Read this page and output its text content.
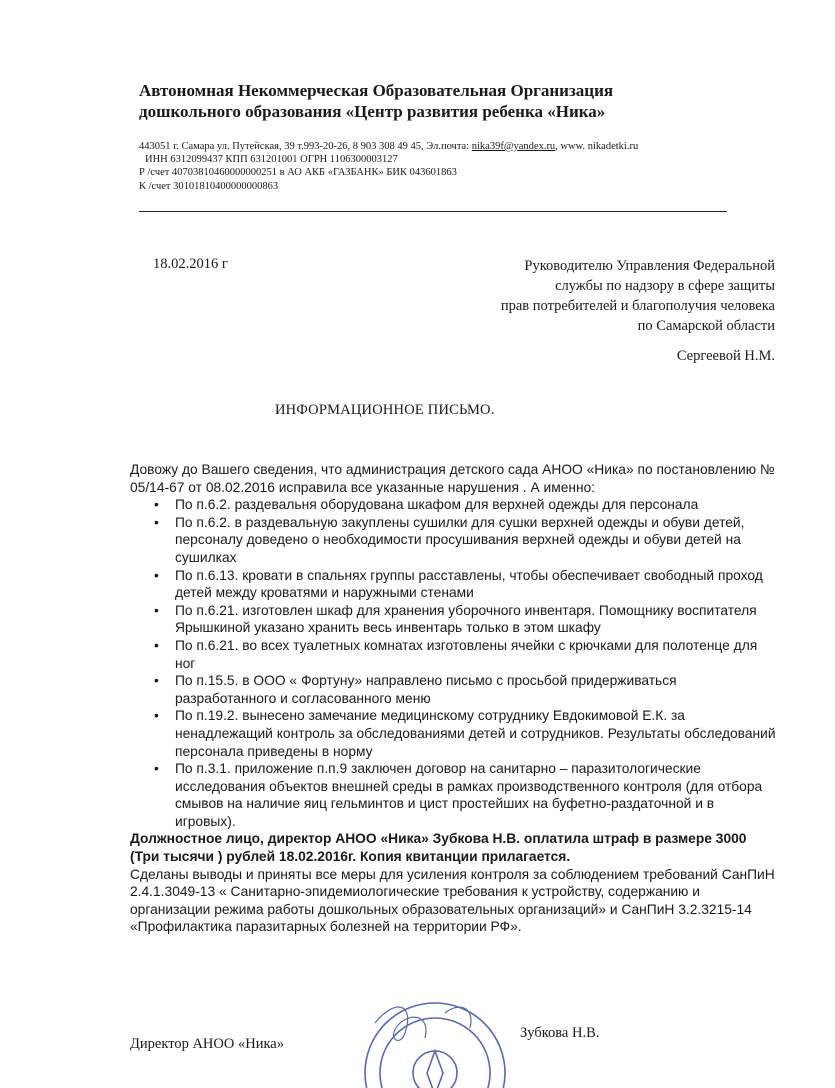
Автономная Некоммерческая Образовательная Организация
дошкольного образования «Центр развития ребенка «Ника»
443051 г. Самара ул. Путейская, 39 т.993-20-26, 8 903 308 49 45, Эл.почта: nika39f@yandex.ru, www. nikadetki.ru
ИНН 6312099437 КПП 631201001 ОГРН 1106300003127
Р /счет 40703810460000000251 в АО АКБ «ГАЗБАНК» БИК 043601863
К /счет 30101810400000000863
18.02.2016 г	Руководителю Управления Федеральной
службы по надзору в сфере защиты
прав потребителей и благополучия человека
по Самарской области
Сергеевой Н.М.
ИНФОРМАЦИОННОЕ ПИСЬМО.

Довожу до Вашего сведения, что администрация детского сада АНОО «Ника» по постановлению № 05/14-67 от 08.02.2016 исправила все указанные нарушения . А именно:

• По п.6.2. раздевальня оборудована шкафом для верхней одежды для персонала
• По п.6.2. в раздевальную закуплены сушилки для сушки верхней одежды и обуви детей, персоналу доведено о необходимости просушивания верхней одежды и обуви детей на сушилках
• По п.6.13. кровати в спальнях группы расставлены, чтобы обеспечивает свободный проход детей между кроватями и наружными стенами
• По п.6.21. изготовлен шкаф для хранения уборочного инвентаря. Помощнику воспитателя Ярышкиной указано хранить весь инвентарь только в этом шкафу
• По п.6.21. во всех туалетных комнатах изготовлены ячейки с крючками для полотенце для ног
• По п.15.5. в ООО « Фортуну» направлено письмо с просьбой придерживаться разработанного и согласованного меню
• По п.19.2. вынесено замечание медицинскому сотруднику Евдокимовой Е.К. за ненадлежащий контроль за обследованиями детей и сотрудников. Результаты обследований персонала приведены в норму
• По п.3.1. приложение п.п.9 заключен договор на санитарно – паразитологические исследования объектов внешней среды в рамках производственного контроля (для отбора смывов на наличие яиц гельминтов и цист простейших на буфетно-раздаточной и в игровых).

Должностное лицо, директор АНОО «Ника» Зубкова Н.В. оплатила штраф в размере 3000 (Три тысячи ) рублей 18.02.2016г. Копия квитанции прилагается.

Сделаны выводы и приняты все меры для усиления контроля за соблюдением требований СанПиН 2.4.1.3049-13 « Санитарно-эпидемиологические требования к устройству, содержанию и организации режима работы дошкольных образовательных организаций» и СанПиН 3.2.3215-14 «Профилактика паразитарных болезней на территории РФ».

Директор АНОО «Ника»
Зубкова Н.В.
